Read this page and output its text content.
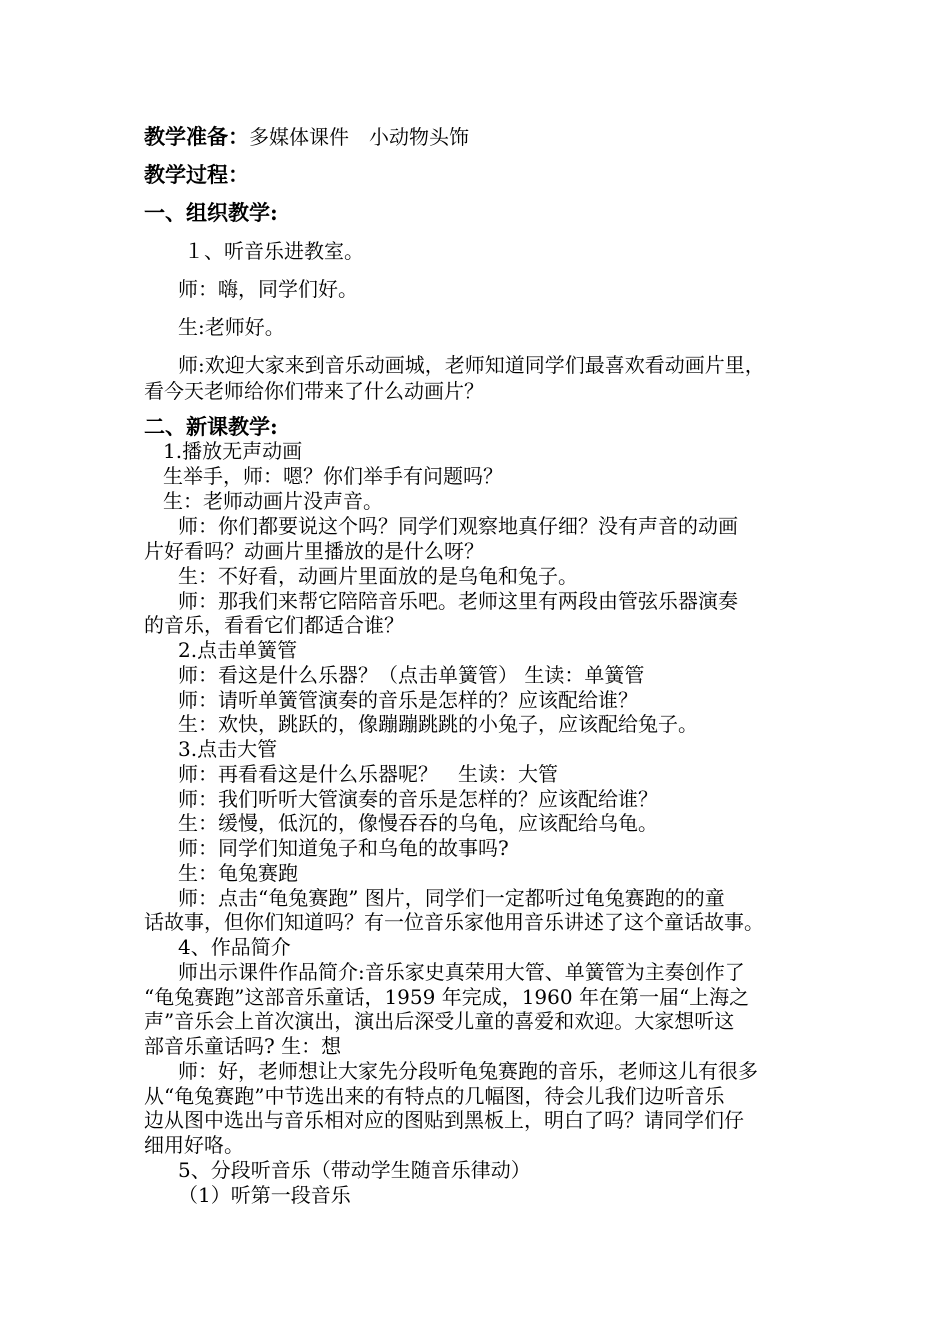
教学准备：多媒体课件　小动物头饰
教学过程：
一、组织教学:
１、听音乐进教室。
师：嗨，同学们好。
生:老师好。
师:欢迎大家来到音乐动画城，老师知道同学们最喜欢看动画片里，
看今天老师给你们带来了什么动画片？
二、新课教学:
1.播放无声动画
生举手，师：嗯？你们举手有问题吗？
生：老师动画片没声音。
师：你们都要说这个吗？同学们观察地真仔细？没有声音的动画
片好看吗？动画片里播放的是什么呀？
生：不好看，动画片里面放的是乌龟和兔子。
师：那我们来帮它陪陪音乐吧。老师这里有两段由管弦乐器演奏
的音乐，看看它们都适合谁？
2.点击单簧管
师：看这是什么乐器？（点击单簧管） 生读：单簧管
师：请听单簧管演奏的音乐是怎样的？应该配给谁？
生：欢快，跳跃的，像蹦蹦跳跳的小兔子，应该配给兔子。
3.点击大管
师：再看看这是什么乐器呢？　生读：大管
师：我们听听大管演奏的音乐是怎样的？应该配给谁？
生：缓慢，低沉的，像慢吞吞的乌龟，应该配给乌龟。
师：同学们知道兔子和乌龟的故事吗?
生：龟兔赛跑
师：点击“龟兔赛跑” 图片，同学们一定都听过龟兔赛跑的的童
话故事，但你们知道吗？有一位音乐家他用音乐讲述了这个童话故事。
4、作品简介
师出示课件作品简介:音乐家史真荣用大管、单簧管为主奏创作了
“龟兔赛跑”这部音乐童话，1959 年完成，1960 年在第一届“上海之
声”音乐会上首次演出，演出后深受儿童的喜爱和欢迎。大家想听这
部音乐童话吗? 生：想
师：好，老师想让大家先分段听龟兔赛跑的音乐，老师这儿有很多
从“龟兔赛跑”中节选出来的有特点的几幅图，待会儿我们边听音乐
边从图中选出与音乐相对应的图贴到黑板上，明白了吗？请同学们仔
细用好咯。
5、分段听音乐（带动学生随音乐律动）
（1）听第一段音乐
